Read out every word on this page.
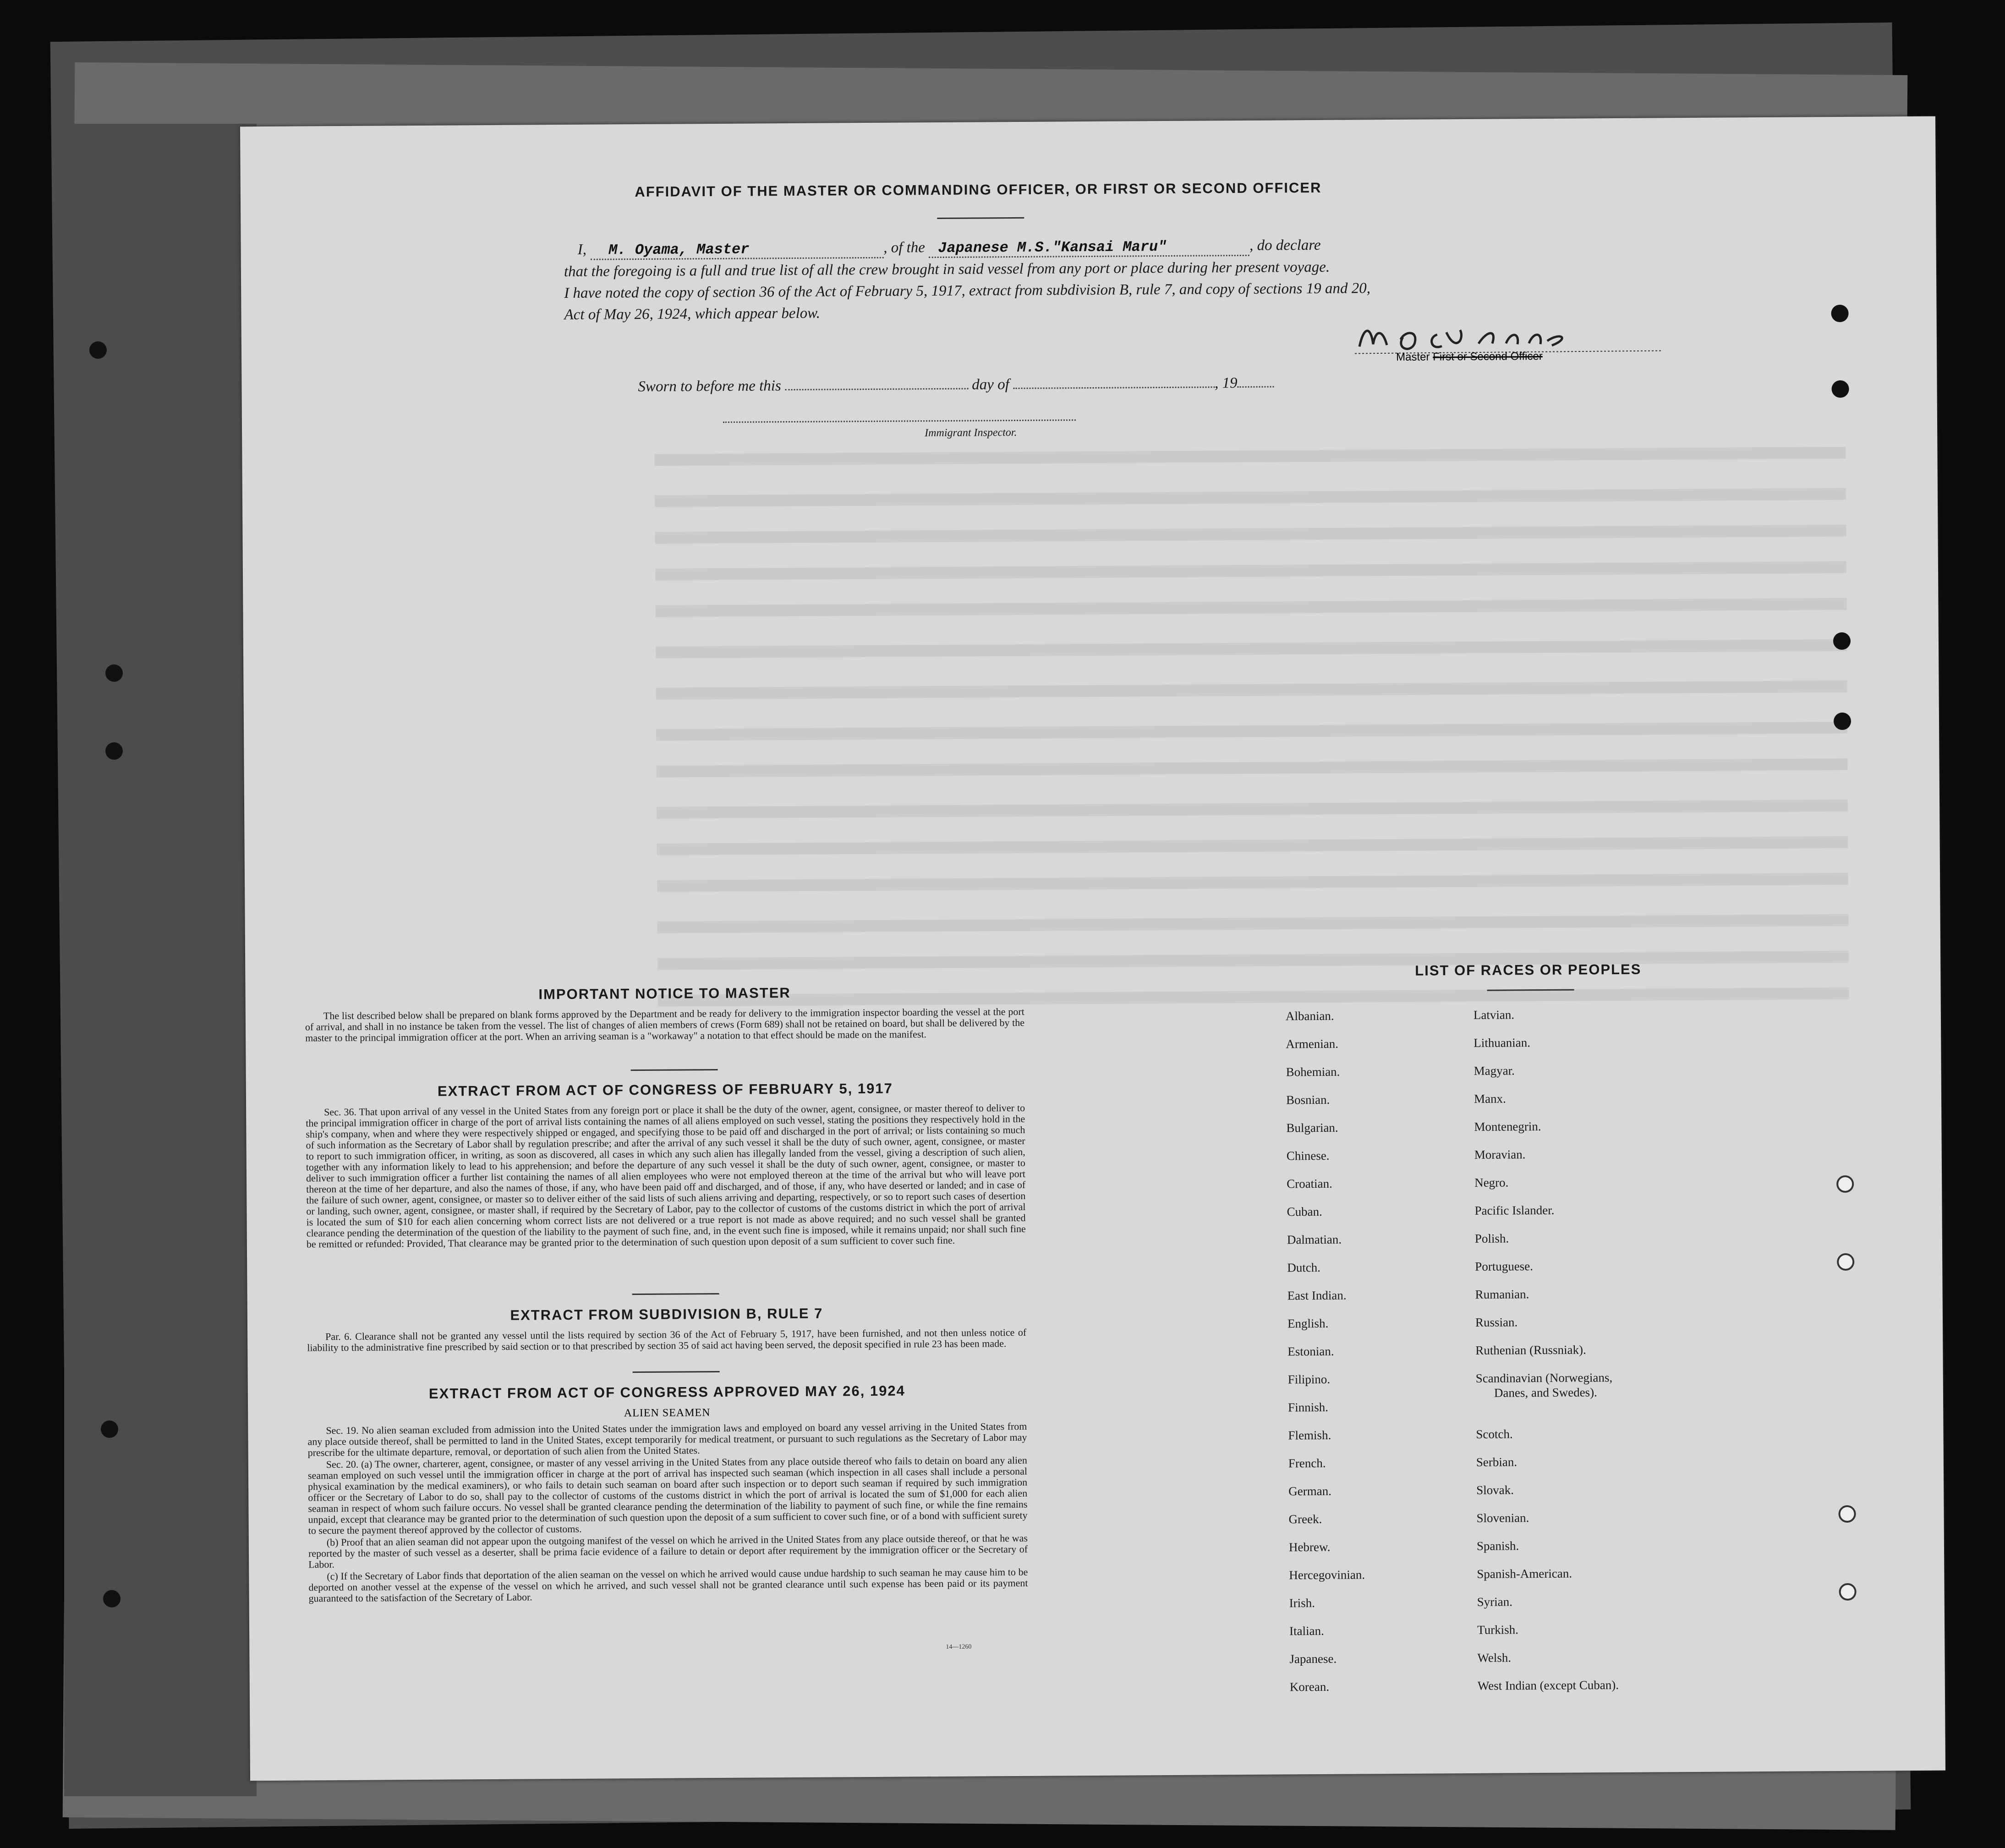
AFFIDAVIT OF THE MASTER OR COMMANDING OFFICER, OR FIRST OR SECOND OFFICER
I, M. Oyama, Master	, of the Japanese M.S."Kansai Maru"	, do declare
that the foregoing is a full and true list of all the crew brought in said vessel from any port or place during her present voyage.
I have noted the copy of section 36 of the Act of February 5, 1917, extract from subdivision B, rule 7, and copy of sections 19 and 20,
Act of May 26, 1924, which appear below.
Master First or Second Officer
Sworn to before me this	day of	, 19
Immigrant Inspector.
IMPORTANT NOTICE TO MASTER

The list described below shall be prepared on blank forms approved by the Department and be ready for delivery to the immigration inspector boarding the vessel at the port of arrival, and shall in no instance be taken from the vessel. The list of changes of alien members of crews (Form 689) shall not be retained on board, but shall be delivered by the master to the principal immigration officer at the port. When an arriving seaman is a "workaway" a notation to that effect should be made on the manifest.

EXTRACT FROM ACT OF CONGRESS OF FEBRUARY 5, 1917

Sec. 36. That upon arrival of any vessel in the United States from any foreign port or place it shall be the duty of the owner, agent, consignee, or master thereof to deliver to the principal immigration officer in charge of the port of arrival lists containing the names of all aliens employed on such vessel, stating the positions they respectively hold in the ship's company, when and where they were respectively shipped or engaged, and specifying those to be paid off and discharged in the port of arrival; or lists containing so much of such information as the Secretary of Labor shall by regulation prescribe; and after the arrival of any such vessel it shall be the duty of such owner, agent, consignee, or master to report to such immigration officer, in writing, as soon as discovered, all cases in which any such alien has illegally landed from the vessel, giving a description of such alien, together with any information likely to lead to his apprehension; and before the departure of any such vessel it shall be the duty of such owner, agent, consignee, or master to deliver to such immigration officer a further list containing the names of all alien employees who were not employed thereon at the time of the arrival but who will leave port thereon at the time of her departure, and also the names of those, if any, who have been paid off and discharged, and of those, if any, who have deserted or landed; and in case of the failure of such owner, agent, consignee, or master so to deliver either of the said lists of such aliens arriving and departing, respectively, or so to report such cases of desertion or landing, such owner, agent, consignee, or master shall, if required by the Secretary of Labor, pay to the collector of customs of the customs district in which the port of arrival is located the sum of $10 for each alien concerning whom correct lists are not delivered or a true report is not made as above required; and no such vessel shall be granted clearance pending the determination of the question of the liability to the payment of such fine, and, in the event such fine is imposed, while it remains unpaid; nor shall such fine be remitted or refunded: Provided, That clearance may be granted prior to the determination of such question upon deposit of a sum sufficient to cover such fine.

EXTRACT FROM SUBDIVISION B, RULE 7

Par. 6. Clearance shall not be granted any vessel until the lists required by section 36 of the Act of February 5, 1917, have been furnished, and not then unless notice of liability to the administrative fine prescribed by said section or to that prescribed by section 35 of said act having been served, the deposit specified in rule 23 has been made.

EXTRACT FROM ACT OF CONGRESS APPROVED MAY 26, 1924
ALIEN SEAMEN

Sec. 19. No alien seaman excluded from admission into the United States under the immigration laws and employed on board any vessel arriving in the United States from any place outside thereof, shall be permitted to land in the United States, except temporarily for medical treatment, or pursuant to such regulations as the Secretary of Labor may prescribe for the ultimate departure, removal, or deportation of such alien from the United States.

Sec. 20. (a) The owner, charterer, agent, consignee, or master of any vessel arriving in the United States from any place outside thereof who fails to detain on board any alien seaman employed on such vessel until the immigration officer in charge at the port of arrival has inspected such seaman (which inspection in all cases shall include a personal physical examination by the medical examiners), or who fails to detain such seaman on board after such inspection or to deport such seaman if required by such immigration officer or the Secretary of Labor to do so, shall pay to the collector of customs of the customs district in which the port of arrival is located the sum of $1,000 for each alien seaman in respect of whom such failure occurs. No vessel shall be granted clearance pending the determination of the liability to payment of such fine, or while the fine remains unpaid, except that clearance may be granted prior to the determination of such question upon the deposit of a sum sufficient to cover such fine, or of a bond with sufficient surety to secure the payment thereof approved by the collector of customs.

(b) Proof that an alien seaman did not appear upon the outgoing manifest of the vessel on which he arrived in the United States from any place outside thereof, or that he was reported by the master of such vessel as a deserter, shall be prima facie evidence of a failure to detain or deport after requirement by the immigration officer or the Secretary of Labor.

(c) If the Secretary of Labor finds that deportation of the alien seaman on the vessel on which he arrived would cause undue hardship to such seaman he may cause him to be deported on another vessel at the expense of the vessel on which he arrived, and such vessel shall not be granted clearance until such expense has been paid or its payment guaranteed to the satisfaction of the Secretary of Labor.

14—1260
LIST OF RACES OR PEOPLES
Albanian.
Armenian.
Bohemian.
Bosnian.
Bulgarian.
Chinese.
Croatian.
Cuban.
Dalmatian.
Dutch.
East Indian.
English.
Estonian.
Filipino.
Finnish.
Flemish.
French.
German.
Greek.
Hebrew.
Hercegovinian.
Irish.
Italian.
Japanese.
Korean.
Latvian.
Lithuanian.
Magyar.
Manx.
Montenegrin.
Moravian.
Negro.
Pacific Islander.
Polish.
Portuguese.
Rumanian.
Russian.
Ruthenian (Russniak).
Scandinavian (Norwegians,
Danes, and Swedes).
Scotch.
Serbian.
Slovak.
Slovenian.
Spanish.
Spanish-American.
Syrian.
Turkish.
Welsh.
West Indian (except Cuban).
